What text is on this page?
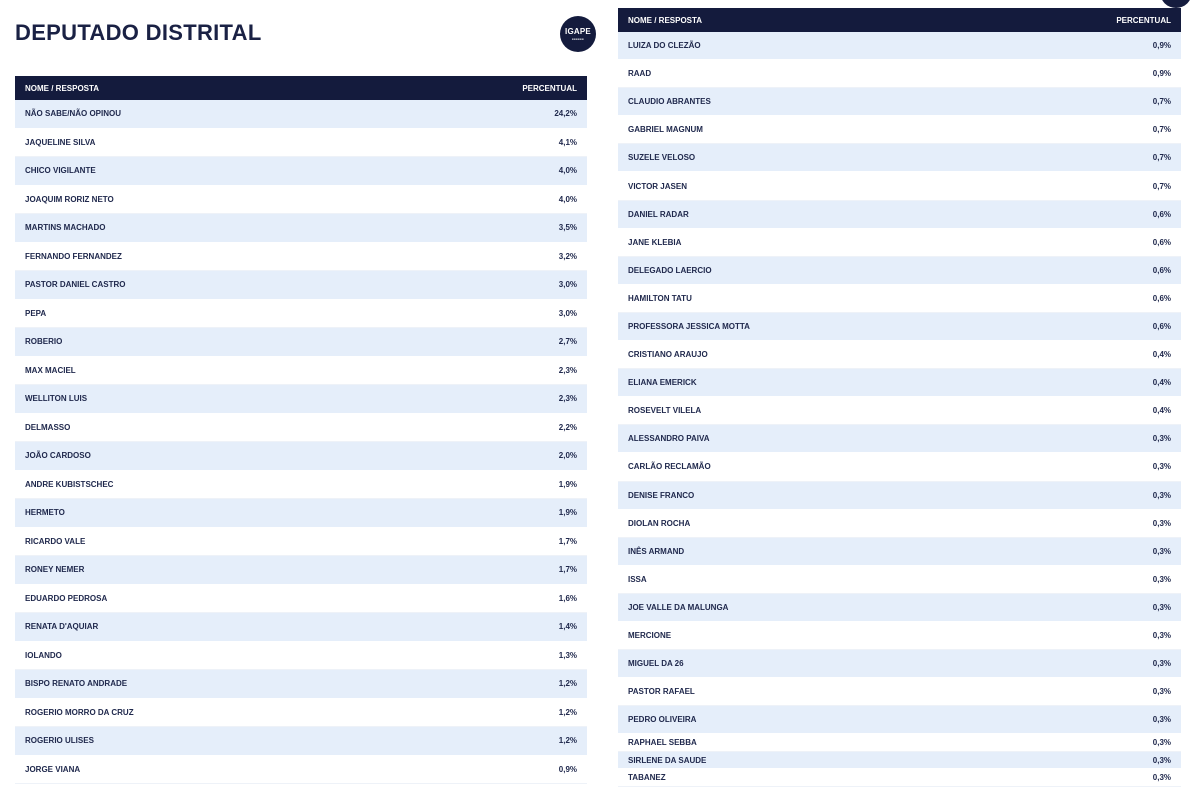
DEPUTADO DISTRITAL	IGAPE
■■■■■■
NOME / RESPOSTA	PERCENTUAL
NÃO SABE/NÃO OPINOU	24,2%
JAQUELINE SILVA	4,1%
CHICO VIGILANTE	4,0%
JOAQUIM RORIZ NETO	4,0%
MARTINS MACHADO	3,5%
FERNANDO FERNANDEZ	3,2%
PASTOR DANIEL CASTRO	3,0%
PEPA	3,0%
ROBERIO	2,7%
MAX MACIEL	2,3%
WELLITON LUIS	2,3%
DELMASSO	2,2%
JOÃO CARDOSO	2,0%
ANDRE KUBISTSCHEC	1,9%
HERMETO	1,9%
RICARDO VALE	1,7%
RONEY NEMER	1,7%
EDUARDO PEDROSA	1,6%
RENATA D'AQUIAR	1,4%
IOLANDO	1,3%
BISPO RENATO ANDRADE	1,2%
ROGERIO MORRO DA CRUZ	1,2%
ROGERIO ULISES	1,2%
JORGE VIANA	0,9%
NOME / RESPOSTA	PERCENTUAL
LUIZA DO CLEZÃO	0,9%
RAAD	0,9%
CLAUDIO ABRANTES	0,7%
GABRIEL MAGNUM	0,7%
SUZELE VELOSO	0,7%
VICTOR JASEN	0,7%
DANIEL RADAR	0,6%
JANE KLEBIA	0,6%
DELEGADO LAERCIO	0,6%
HAMILTON TATU	0,6%
PROFESSORA JESSICA MOTTA	0,6%
CRISTIANO ARAUJO	0,4%
ELIANA EMERICK	0,4%
ROSEVELT VILELA	0,4%
ALESSANDRO PAIVA	0,3%
CARLÃO RECLAMÃO	0,3%
DENISE FRANCO	0,3%
DIOLAN ROCHA	0,3%
INÊS ARMAND	0,3%
ISSA	0,3%
JOE VALLE DA MALUNGA	0,3%
MERCIONE	0,3%
MIGUEL DA 26	0,3%
PASTOR RAFAEL	0,3%
PEDRO OLIVEIRA	0,3%
RAPHAEL SEBBA	0,3%
SIRLENE DA SAUDE	0,3%
TABANEZ	0,3%
